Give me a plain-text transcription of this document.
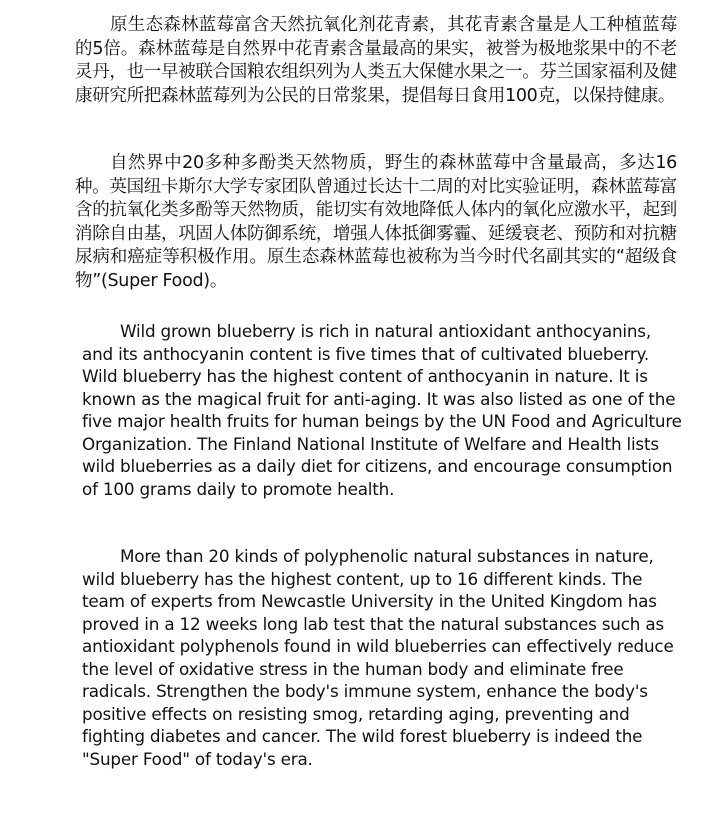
原生态森林蓝莓富含天然抗氧化剂花青素，其花青素含量是人工种植蓝莓的5倍。森林蓝莓是自然界中花青素含量最高的果实，被誉为极地浆果中的不老灵丹，也一早被联合国粮农组织列为人类五大保健水果之一。芬兰国家福利及健康研究所把森林蓝莓列为公民的日常浆果，提倡每日食用100克，以保持健康。

自然界中20多种多酚类天然物质，野生的森林蓝莓中含量最高，多达16种。英国纽卡斯尔大学专家团队曾通过长达十二周的对比实验证明，森林蓝莓富含的抗氧化类多酚等天然物质，能切实有效地降低人体内的氧化应激水平，起到消除自由基，巩固人体防御系统，增强人体抵御雾霾、延缓衰老、预防和对抗糖尿病和癌症等积极作用。原生态森林蓝莓也被称为当今时代名副其实的“超级食物”(Super Food)。

Wild grown blueberry is rich in natural antioxidant anthocyanins, and its anthocyanin content is five times that of cultivated blueberry. Wild blueberry has the highest content of anthocyanin in nature. It is known as the magical fruit for anti-aging. It was also listed as one of the five major health fruits for human beings by the UN Food and Agriculture Organization. The Finland National Institute of Welfare and Health lists wild blueberries as a daily diet for citizens, and encourage consumption of 100 grams daily to promote health.

More than 20 kinds of polyphenolic natural substances in nature, wild blueberry has the highest content, up to 16 different kinds. The team of experts from Newcastle University in the United Kingdom has proved in a 12 weeks long lab test that the natural substances such as antioxidant polyphenols found in wild blueberries can effectively reduce the level of oxidative stress in the human body and eliminate free radicals. Strengthen the body's immune system, enhance the body's positive effects on resisting smog, retarding aging, preventing and fighting diabetes and cancer. The wild forest blueberry is indeed the "Super Food" of today's era.
